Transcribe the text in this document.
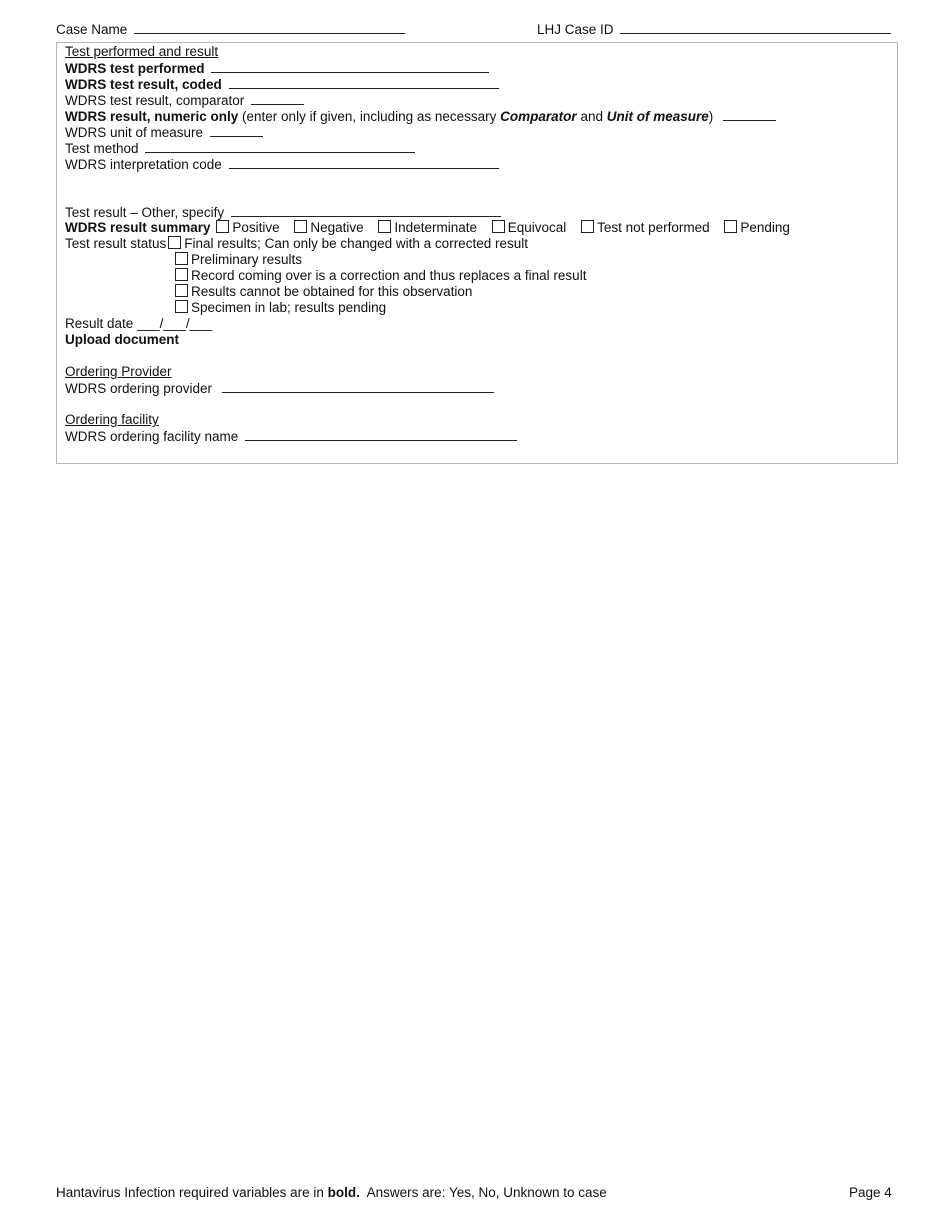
Case Name	LHJ Case ID
Test performed and result
WDRS test performed
WDRS test result, coded
WDRS test result, comparator
WDRS result, numeric only (enter only if given, including as necessary Comparator and Unit of measure)
WDRS unit of measure
Test method
WDRS interpretation code
Test result – Other, specify
WDRS result summary Positive Negative Indeterminate Equivocal Test not performed Pending
Test result status Final results; Can only be changed with a corrected result
Preliminary results
Record coming over is a correction and thus replaces a final result
Results cannot be obtained for this observation
Specimen in lab; results pending
Result date ___/___/___
Upload document
Ordering Provider
WDRS ordering provider
Ordering facility
WDRS ordering facility name
Hantavirus Infection required variables are in bold.  Answers are: Yes, No, Unknown to case	Page 4
